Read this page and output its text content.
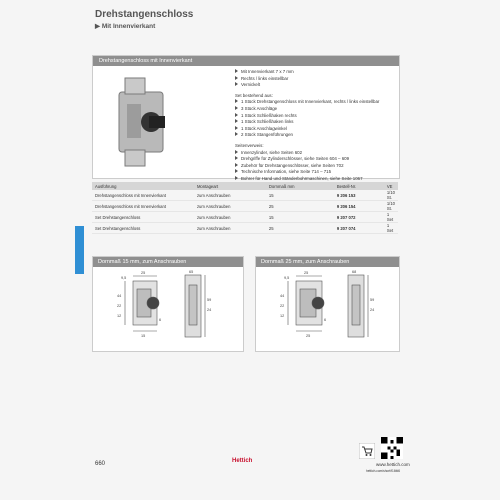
Drehstangenschloss
▶ Mit Innenvierkant
Drehstangenschloss mit Innenvierkant
Mit Innenvierkant 7 x 7 mm
Rechts / links einstellbar
Vernickelt
Set bestehend aus:
1 Stück Drehstangenschloss mit Innenvierkant, rechts / links einstellbar
3 Stück Anschläge
1 Stück Schließhaken rechts
1 Stück Schließhaken links
1 Stück Anschlagwinkel
2 Stück Stangenführungen
Seitenverweis:
Innenzylinder, siehe Seiten 602
Drehgriffe für Zylinderschlösser, siehe Seiten 604 – 609
Zubehör für Drehstangenschlösser, siehe Seiten 702
Technische Information, siehe Seite 714 – 715
Bohrer für Hand und Ständerbohrmaschinen, siehe Seite 1067
Ausführung	Montageart	Dornmaß mm	Bestell-Nr.	VE
Drehstangenschloss mit Innenvierkant	zum Anschrauben	15	9 206 153	1/10 St.
Drehstangenschloss mit Innenvierkant	zum Anschrauben	25	9 206 154	1/10 St.
Set Drehstangenschloss	zum Anschrauben	15	9 207 072	1 Set
Set Drehstangenschloss	zum Anschrauben	25	9 207 074	1 Set
Dornmaß 15 mm, zum Anschrauben
9,5
25
44
22
12
6
15
59
24
65
Dornmaß 25 mm, zum Anschrauben
9,5
25
44
22
12
6
25
59
24
68
hettich.com/short/f16fd6
660	Hettich
www.hettich.com
